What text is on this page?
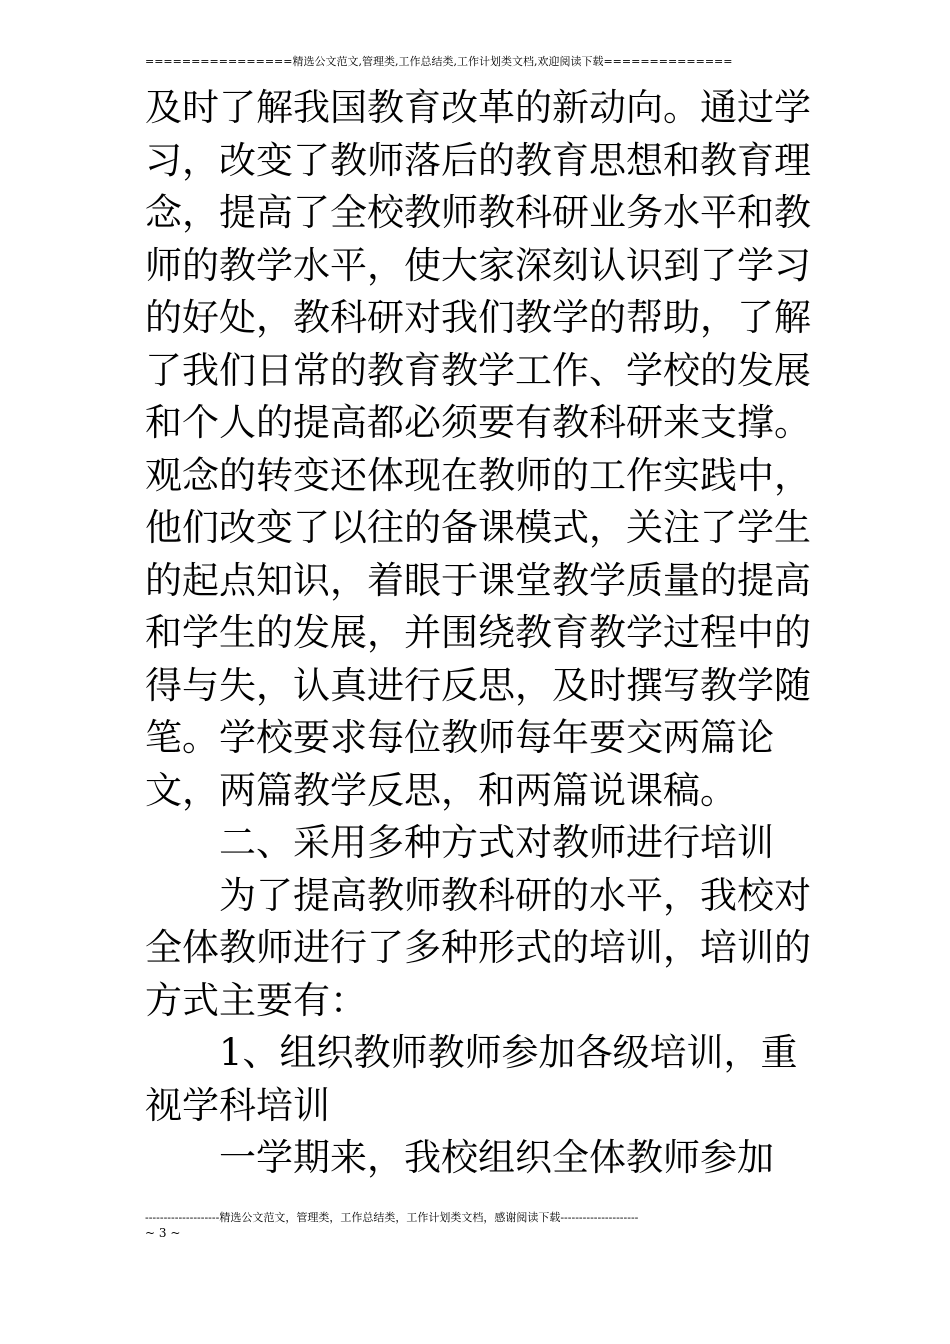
================精选公文范文,管理类,工作总结类,工作计划类文档,欢迎阅读下载==============

及时了解我国教育改革的新动向。通过学习，改变了教师落后的教育思想和教育理念，提高了全校教师教科研业务水平和教师的教学水平，使大家深刻认识到了学习的好处，教科研对我们教学的帮助，了解了我们日常的教育教学工作、学校的发展和个人的提高都必须要有教科研来支撑。观念的转变还体现在教师的工作实践中，他们改变了以往的备课模式，关注了学生的起点知识，着眼于课堂教学质量的提高和学生的发展，并围绕教育教学过程中的得与失，认真进行反思，及时撰写教学随笔。学校要求每位教师每年要交两篇论文，两篇教学反思，和两篇说课稿。

二、采用多种方式对教师进行培训

为了提高教师教科研的水平，我校对全体教师进行了多种形式的培训，培训的方式主要有：

1、组织教师教师参加各级培训，重视学科培训

一学期来，我校组织全体教师参加

--------------------精选公文范文，管理类，工作总结类，工作计划类文档，感谢阅读下载---------------------
~ 3 ~
